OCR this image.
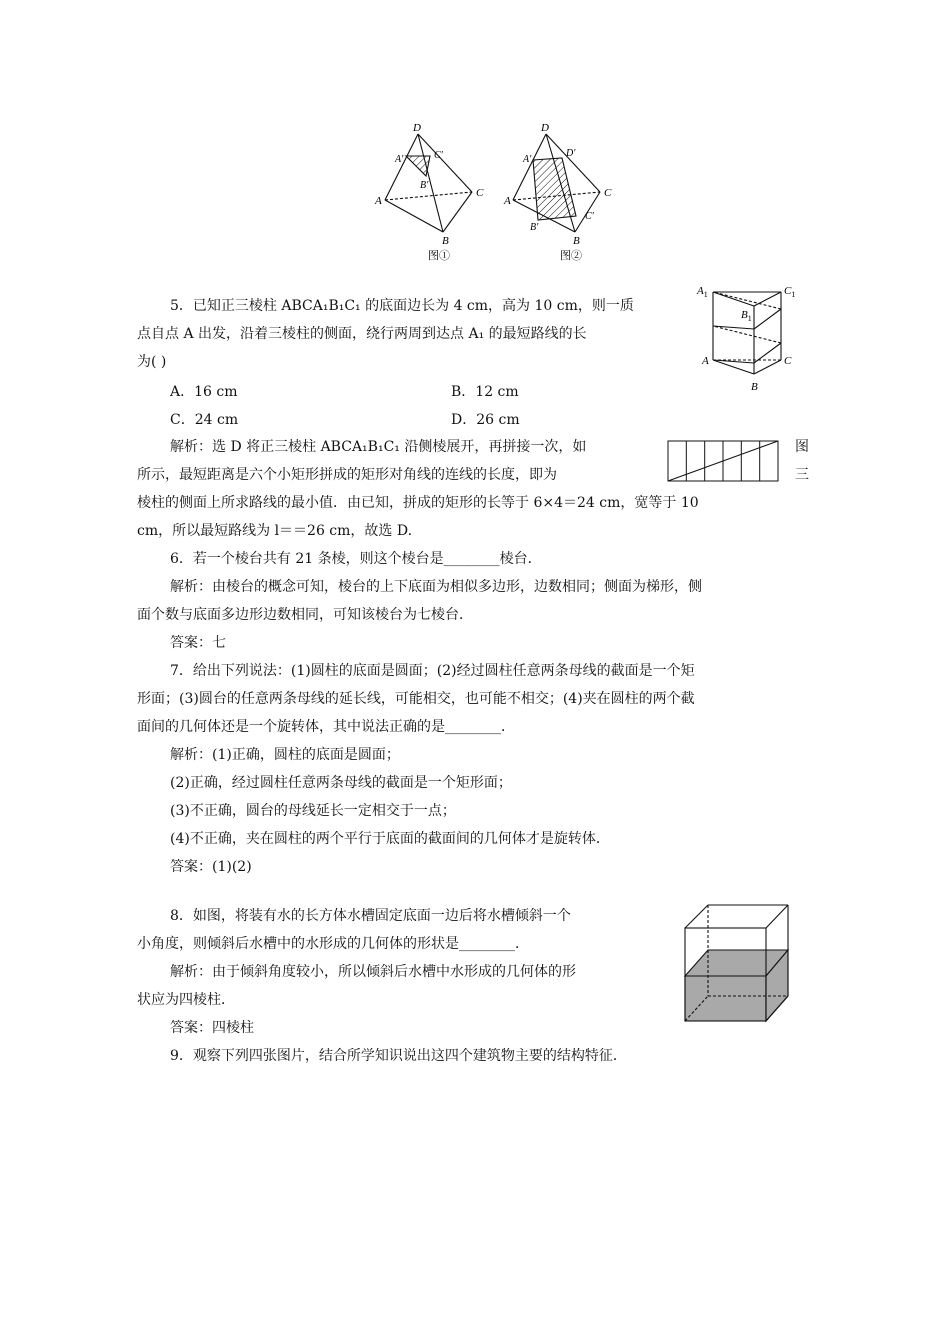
D
A′	C′
B′
A
C
B
图①
D
A′
D′
A
C
C′
B′
B
图②
5．已知正三棱柱 ABCA₁B₁C₁ 的底面边长为 4 cm，高为 10 cm，则一质
点自点 A 出发，沿着三棱柱的侧面，绕行两周到达点 A₁ 的最短路线的长
为( )
A．16 cm	B．12 cm
C．24 cm	D．26 cm
$A_1$	$C_1$
$B_1$
A	C
B
解析：选 D 将正三棱柱 ABCA₁B₁C₁ 沿侧棱展开，再拼接一次，如	图
所示，最短距离是六个小矩形拼成的矩形对角线的连线的长度，即为	三
棱柱的侧面上所求路线的最小值．由已知，拼成的矩形的长等于 6×4＝24 cm，宽等于 10
cm，所以最短路线为 l＝＝26 cm，故选 D.
6．若一个棱台共有 21 条棱，则这个棱台是________棱台．
解析：由棱台的概念可知，棱台的上下底面为相似多边形，边数相同；侧面为梯形，侧
面个数与底面多边形边数相同，可知该棱台为七棱台．
答案：七
7．给出下列说法：(1)圆柱的底面是圆面；(2)经过圆柱任意两条母线的截面是一个矩
形面；(3)圆台的任意两条母线的延长线，可能相交，也可能不相交；(4)夹在圆柱的两个截
面间的几何体还是一个旋转体，其中说法正确的是________．
解析：(1)正确，圆柱的底面是圆面；
(2)正确，经过圆柱任意两条母线的截面是一个矩形面；
(3)不正确，圆台的母线延长一定相交于一点；
(4)不正确，夹在圆柱的两个平行于底面的截面间的几何体才是旋转体．
答案：(1)(2)
8．如图，将装有水的长方体水槽固定底面一边后将水槽倾斜一个
小角度，则倾斜后水槽中的水形成的几何体的形状是________．
解析：由于倾斜角度较小，所以倾斜后水槽中水形成的几何体的形
状应为四棱柱．
答案：四棱柱
9．观察下列四张图片，结合所学知识说出这四个建筑物主要的结构特征．
